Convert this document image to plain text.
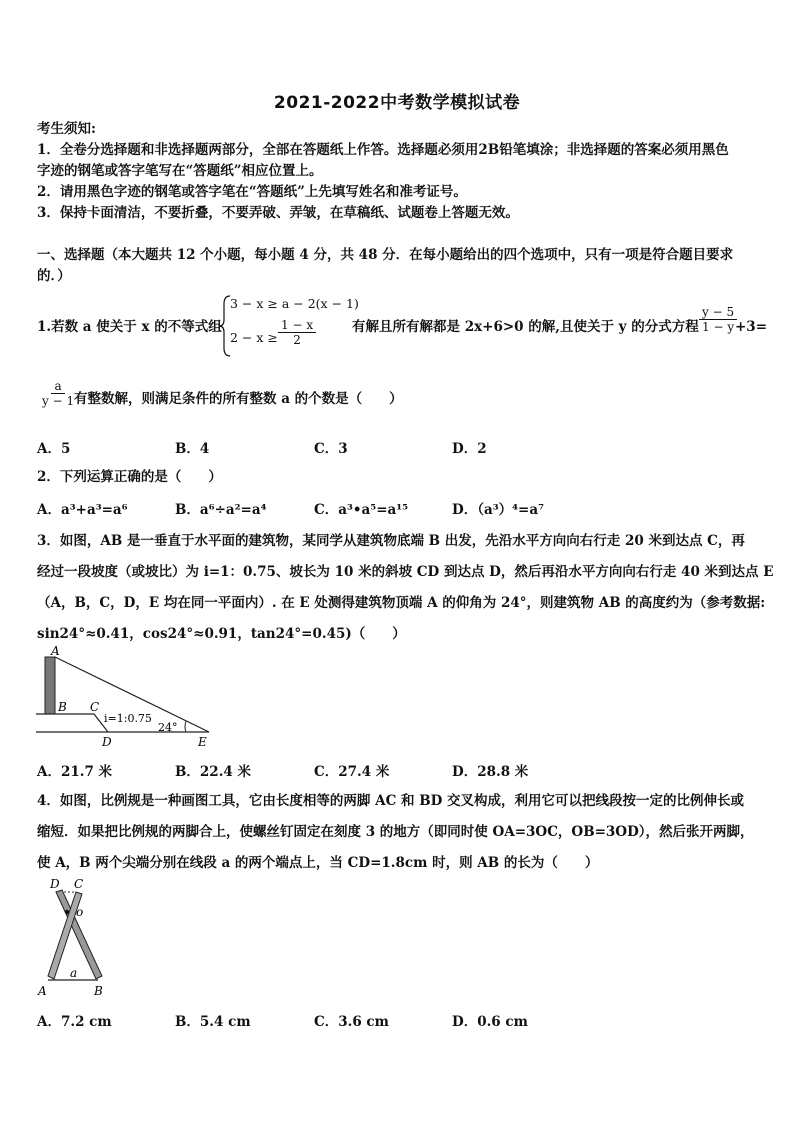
2021-2022中考数学模拟试卷
考生须知:
1．全卷分选择题和非选择题两部分，全部在答题纸上作答。选择题必须用2B铅笔填涂；非选择题的答案必须用黑色
字迹的钢笔或答字笔写在“答题纸”相应位置上。
2．请用黑色字迹的钢笔或答字笔在“答题纸”上先填写姓名和准考证号。
3．保持卡面清洁，不要折叠，不要弄破、弄皱，在草稿纸、试题卷上答题无效。
一、选择题（本大题共 12 个小题，每小题 4 分，共 48 分．在每小题给出的四个选项中，只有一项是符合题目要求
的．）
1.若数 a 使关于 x 的不等式组
3 − x ≥ a − 2(x − 1)
$2 - x \ge \frac{1 - x}{2}$	有解且所有解都是 2x+6>0 的解,且使关于 y 的分式方程 $\frac{y - 5}{1 - y}$
+3=
$\frac{a}{y - 1}$
有整数解，则满足条件的所有整数 a 的个数是（　　）
A．5	B．4	C．3	D．2
2．下列运算正确的是（　　）
A．a³+a³=a⁶	B．a⁶÷a²=a⁴	C．a³•a⁵=a¹⁵	D．（a³）⁴=a⁷
3．如图，AB 是一垂直于水平面的建筑物，某同学从建筑物底端 B 出发，先沿水平方向向右行走 20 米到达点 C，再
经过一段坡度（或坡比）为 i=1：0.75、坡长为 10 米的斜坡 CD 到达点 D，然后再沿水平方向向右行走 40 米到达点 E
（A，B，C，D，E 均在同一平面内）. 在 E 处测得建筑物顶端 A 的仰角为 24°，则建筑物 AB 的高度约为（参考数据:
sin24°≈0.41，cos24°≈0.91，tan24°=0.45)（　　）
A
B C
D	E
i=1:0.75
24°
A．21.7 米	B．22.4 米	C．27.4 米	D．28.8 米
4．如图，比例规是一种画图工具，它由长度相等的两脚 AC 和 BD 交叉构成，利用它可以把线段按一定的比例伸长或
缩短．如果把比例规的两脚合上，使螺丝钉固定在刻度 3 的地方（即同时使 OA=3OC，OB=3OD），然后张开两脚，
使 A，B 两个尖端分别在线段 a 的两个端点上，当 CD=1.8cm 时，则 AB 的长为（　　）
D C
o
a
A	B
A．7.2 cm	B．5.4 cm	C．3.6 cm	D．0.6 cm
